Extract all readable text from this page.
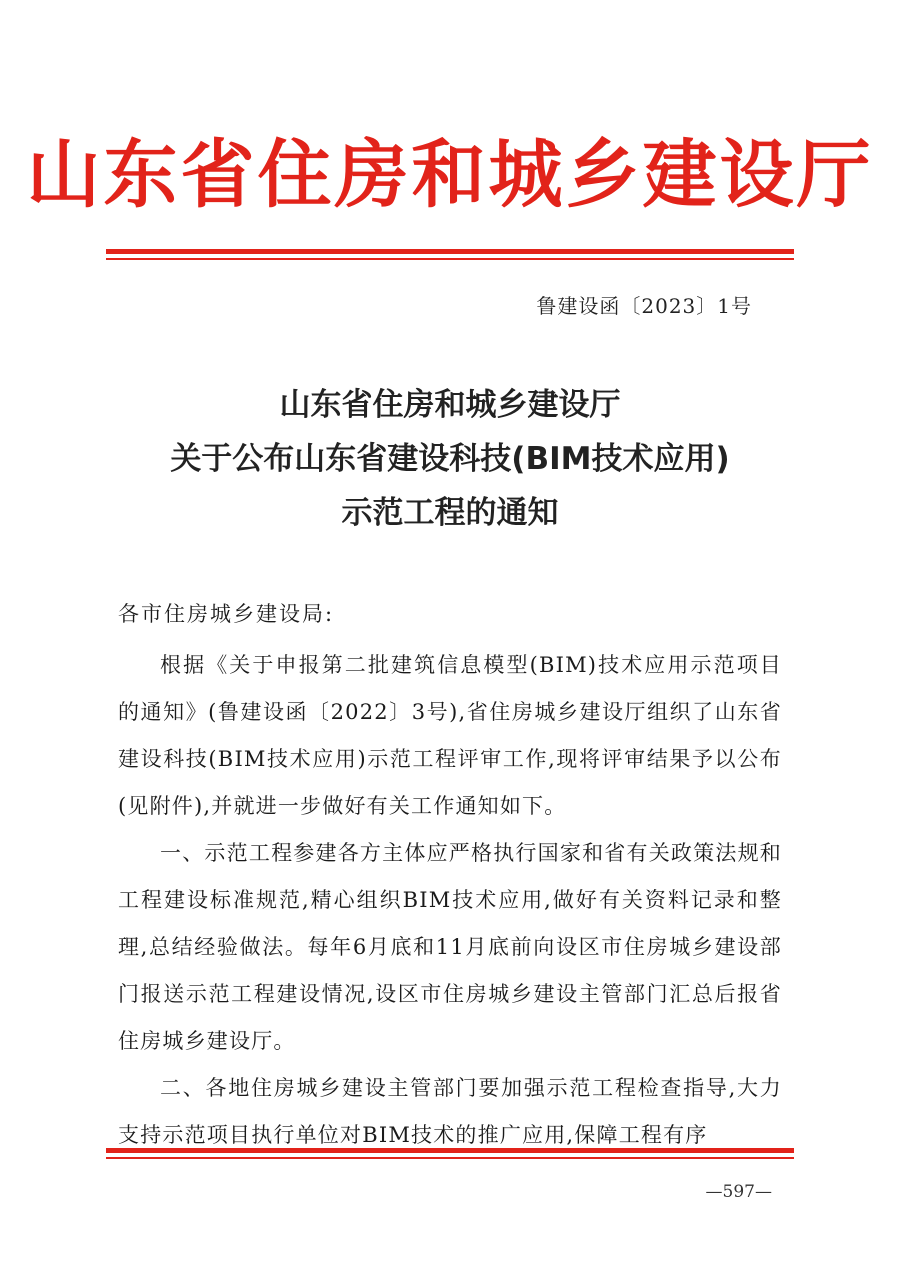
山东省住房和城乡建设厅
鲁建设函〔2023〕1号
山东省住房和城乡建设厅
关于公布山东省建设科技(BIM技术应用)
示范工程的通知
各市住房城乡建设局:

根据《关于申报第二批建筑信息模型(BIM)技术应用示范项目的通知》(鲁建设函〔2022〕3号),省住房城乡建设厅组织了山东省建设科技(BIM技术应用)示范工程评审工作,现将评审结果予以公布(见附件),并就进一步做好有关工作通知如下。

一、示范工程参建各方主体应严格执行国家和省有关政策法规和工程建设标准规范,精心组织BIM技术应用,做好有关资料记录和整理,总结经验做法。每年6月底和11月底前向设区市住房城乡建设部门报送示范工程建设情况,设区市住房城乡建设主管部门汇总后报省住房城乡建设厅。

二、各地住房城乡建设主管部门要加强示范工程检查指导,大力支持示范项目执行单位对BIM技术的推广应用,保障工程有序

—597—
